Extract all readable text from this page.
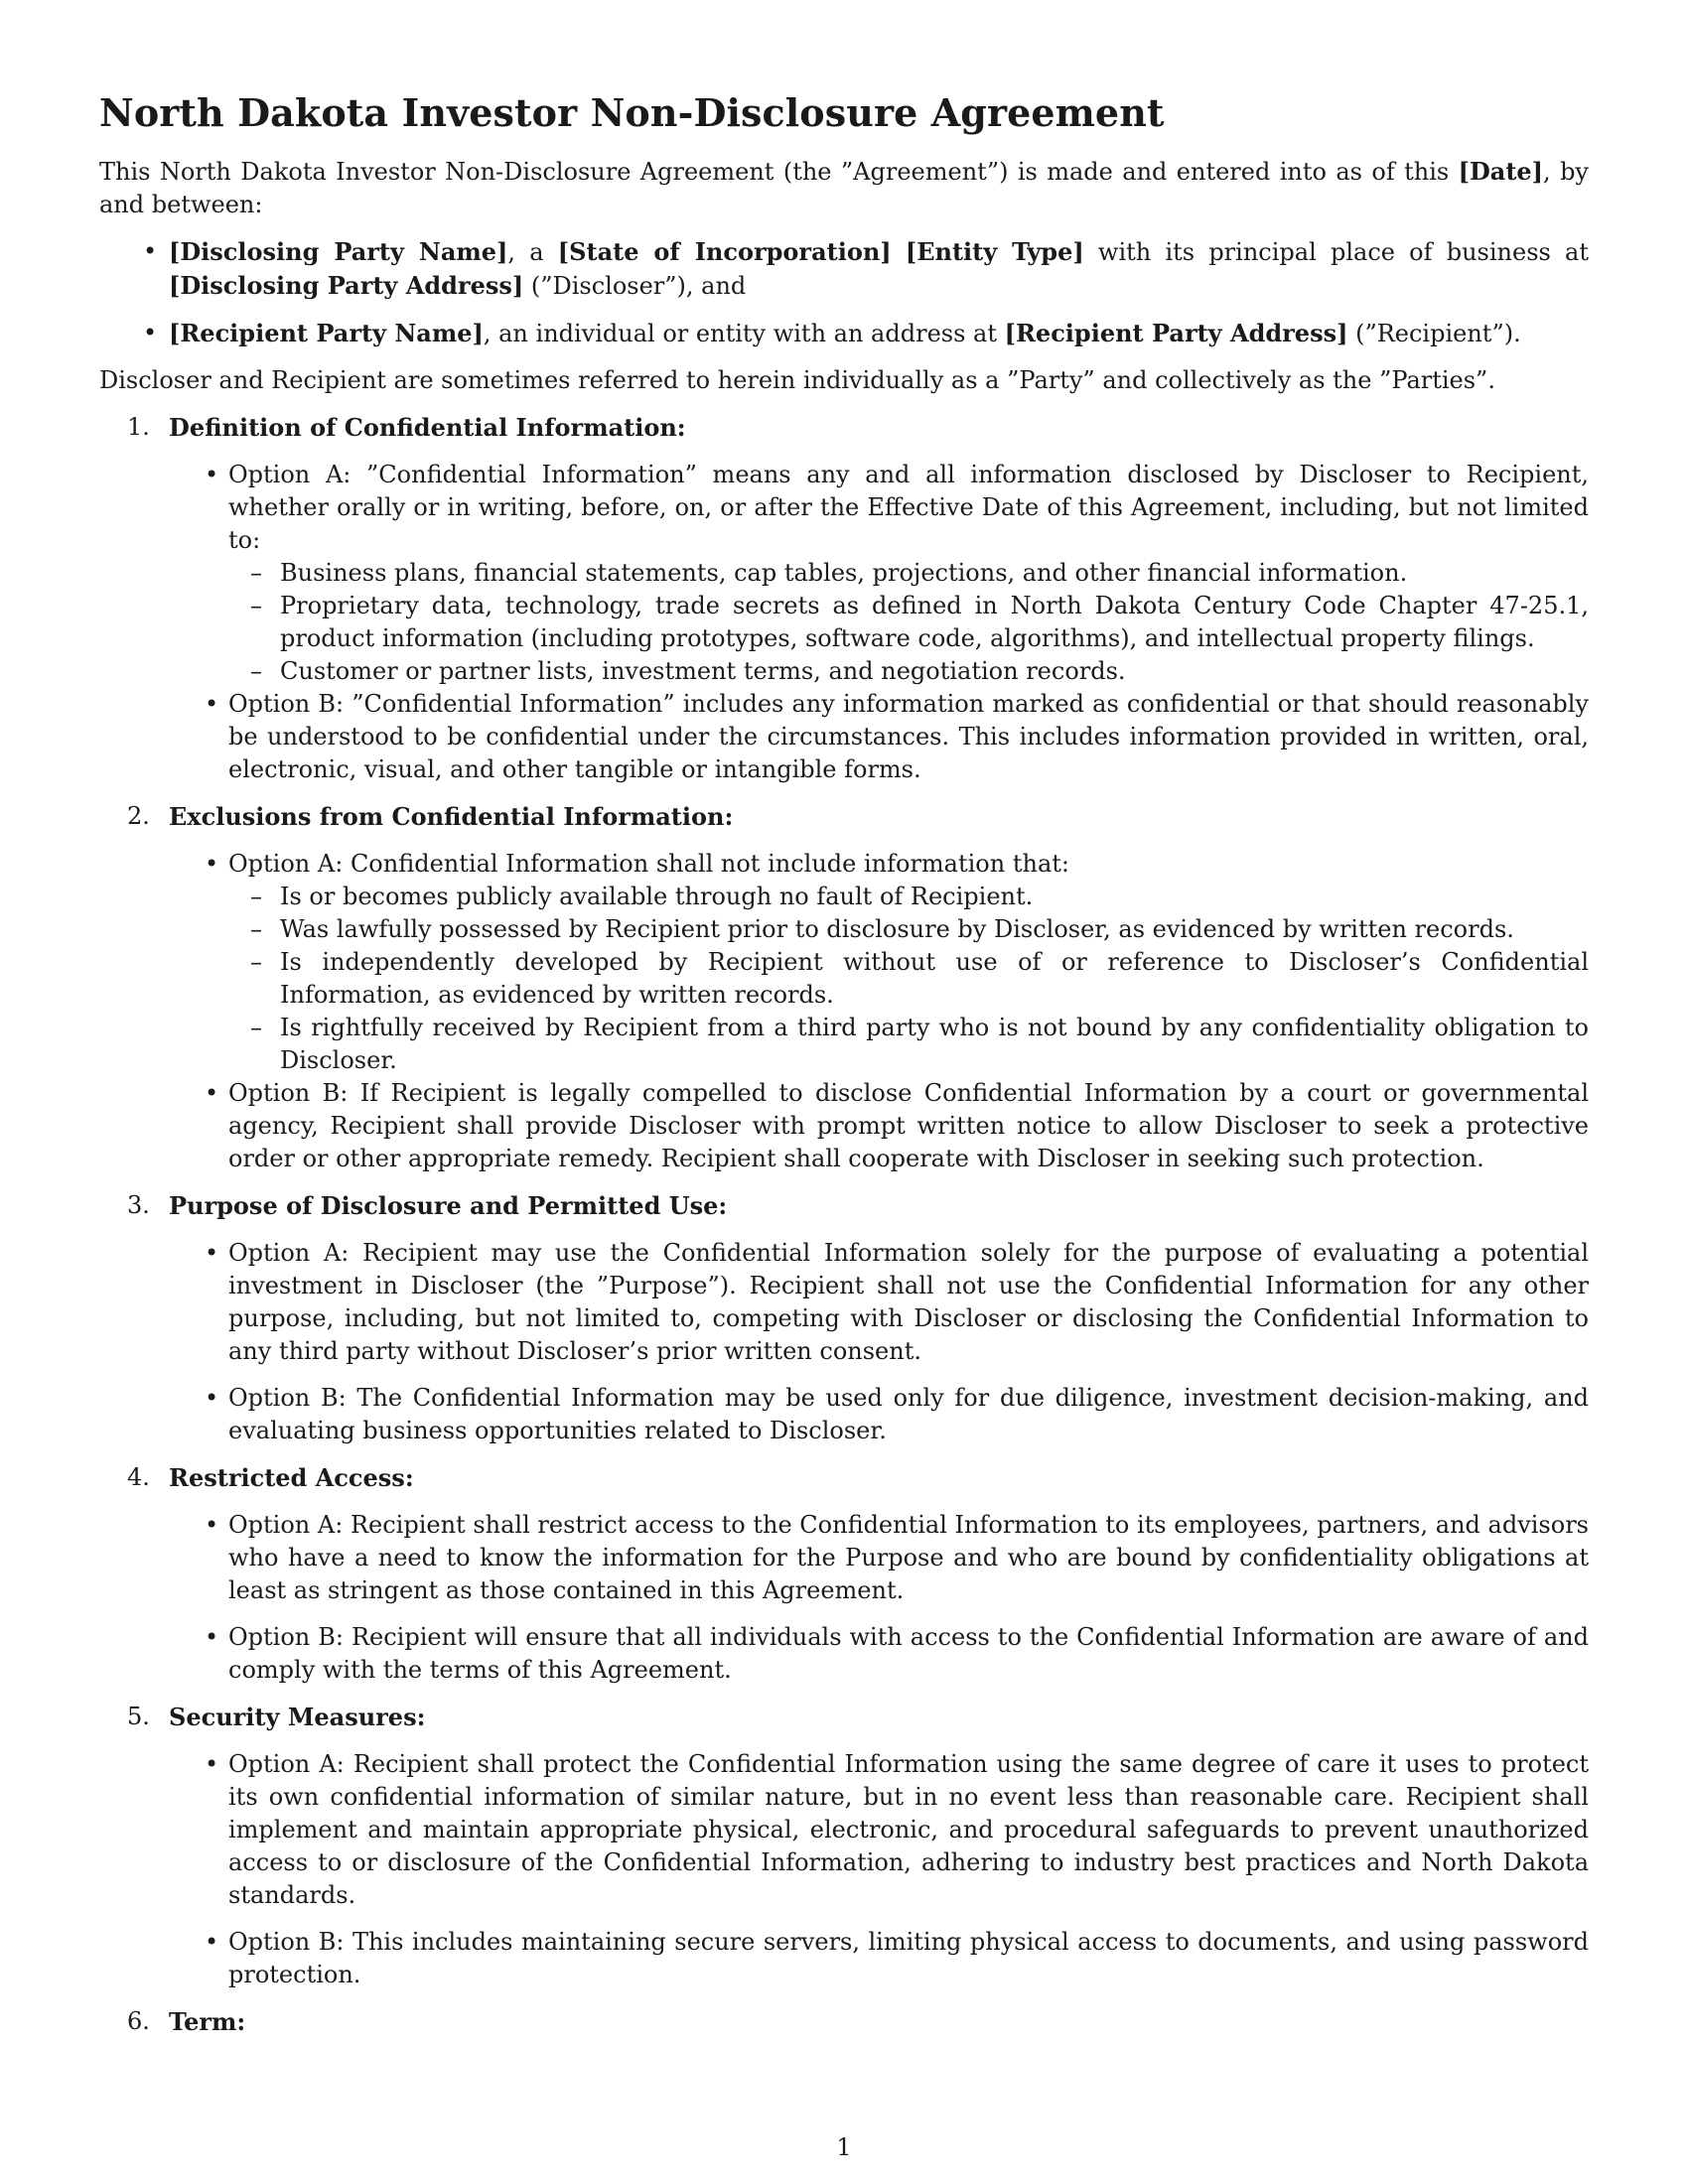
North Dakota Investor Non-Disclosure Agreement

This North Dakota Investor Non-Disclosure Agreement (the ”Agreement”) is made and entered into as of this [Date], by and between:

• [Disclosing Party Name], a [State of Incorporation] [Entity Type] with its principal place of business at [Disclosing Party Address] (”Discloser”), and
• [Recipient Party Name], an individual or entity with an address at [Recipient Party Address] (”Recipient”).

Discloser and Recipient are sometimes referred to herein individually as a ”Party” and collectively as the ”Parties”.

1. Definition of Confidential Information:
• Option A: ”Confidential Information” means any and all information disclosed by Discloser to Recipient, whether orally or in writing, before, on, or after the Effective Date of this Agreement, including, but not limited to:
– Business plans, financial statements, cap tables, projections, and other financial information.
– Proprietary data, technology, trade secrets as defined in North Dakota Century Code Chapter 47-25.1, product information (including prototypes, software code, algorithms), and intellectual property filings.
– Customer or partner lists, investment terms, and negotiation records.
• Option B: ”Confidential Information” includes any information marked as confidential or that should reasonably be understood to be confidential under the circumstances. This includes information provided in written, oral, electronic, visual, and other tangible or intangible forms.
2. Exclusions from Confidential Information:
• Option A: Confidential Information shall not include information that:
– Is or becomes publicly available through no fault of Recipient.
– Was lawfully possessed by Recipient prior to disclosure by Discloser, as evidenced by written records.
– Is independently developed by Recipient without use of or reference to Discloser’s Confidential Information, as evidenced by written records.
– Is rightfully received by Recipient from a third party who is not bound by any confidentiality obligation to Discloser.
• Option B: If Recipient is legally compelled to disclose Confidential Information by a court or governmental agency, Recipient shall provide Discloser with prompt written notice to allow Discloser to seek a protective order or other appropriate remedy. Recipient shall cooperate with Discloser in seeking such protection.
3. Purpose of Disclosure and Permitted Use:
• Option A: Recipient may use the Confidential Information solely for the purpose of evaluating a potential investment in Discloser (the ”Purpose”). Recipient shall not use the Confidential Information for any other purpose, including, but not limited to, competing with Discloser or disclosing the Confidential Information to any third party without Discloser’s prior written consent.
• Option B: The Confidential Information may be used only for due diligence, investment decision-making, and evaluating business opportunities related to Discloser.
4. Restricted Access:
• Option A: Recipient shall restrict access to the Confidential Information to its employees, partners, and advisors who have a need to know the information for the Purpose and who are bound by confidentiality obligations at least as stringent as those contained in this Agreement.
• Option B: Recipient will ensure that all individuals with access to the Confidential Information are aware of and comply with the terms of this Agreement.
5. Security Measures:
• Option A: Recipient shall protect the Confidential Information using the same degree of care it uses to protect its own confidential information of similar nature, but in no event less than reasonable care. Recipient shall implement and maintain appropriate physical, electronic, and procedural safeguards to prevent unauthorized access to or disclosure of the Confidential Information, adhering to industry best practices and North Dakota standards.
• Option B: This includes maintaining secure servers, limiting physical access to documents, and using password protection.
6. Term:
1
